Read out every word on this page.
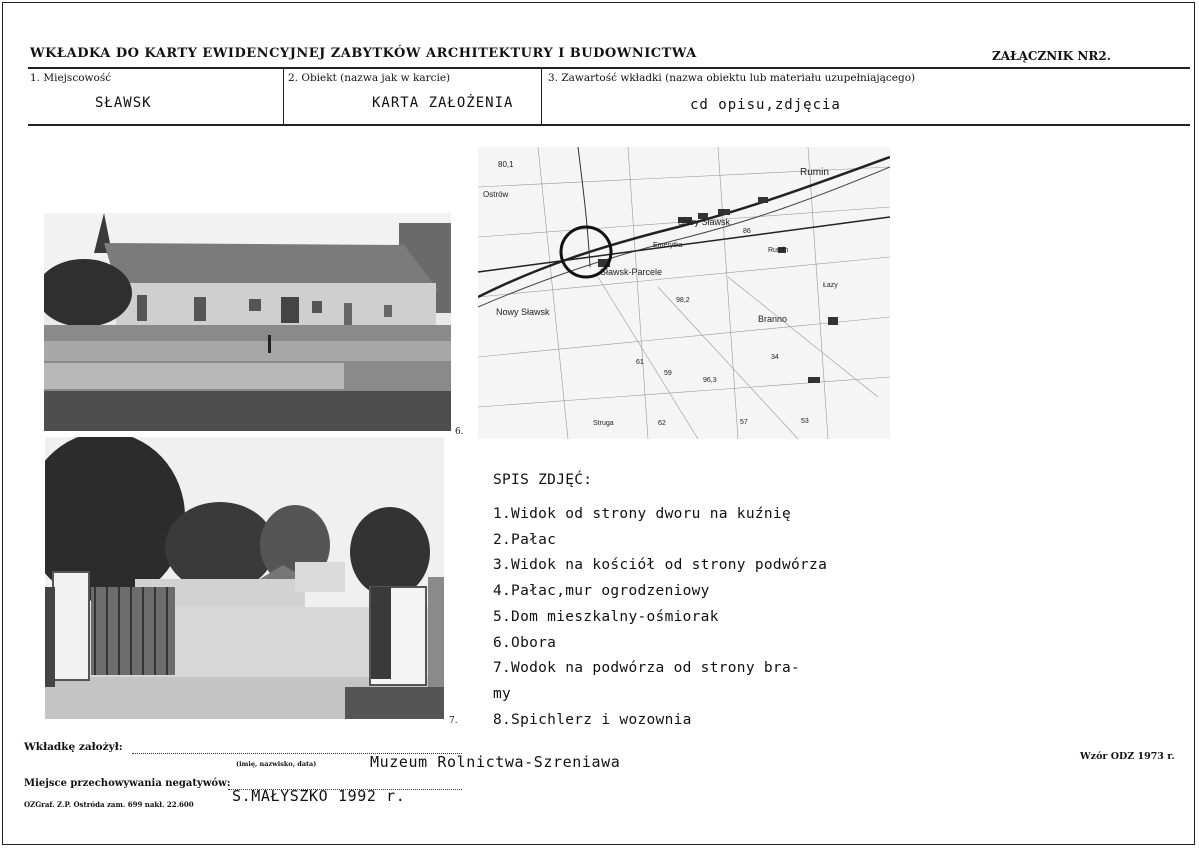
WKŁADKA DO KARTY EWIDENCYJNEJ ZABYTKÓW ARCHITEKTURY I BUDOWNICTWA	ZAŁĄCZNIK NR2.
1. Miejscowość
SŁAWSK
2. Obiekt (nazwa jak w karcie)
KARTA ZAŁOŻENIA
3. Zawartość wkładki (nazwa obiektu lub materiału uzupełniającego)
cd opisu,zdjęcia
6.
7.
80,1
Ostrów
Stary Sławsk
Rumin
Emerytka
Sławsk-Parcele
Nowy Sławsk
Branno
Rumin
Struga
Łazy
96,3
98,2
86
34
57	53
61
59
62
SPIS ZDJĘĆ:
1.Widok od strony dworu na kuźnię
2.Pałac
3.Widok na kościół od strony podwórza
4.Pałac,mur ogrodzeniowy
5.Dom mieszkalny-ośmiorak
6.Obora
7.Wodok na podwórza od strony bra-
my
8.Spichlerz i wozownia
Wkładkę założył:
(imię, nazwisko, data)	Muzeum Rolnictwa-Szreniawa
Miejsce przechowywania negatywów:
S.MAŁYSZKO 1992 r.
OZGraf. Z.P. Ostróda zam. 699 nakł. 22.600
Wzór ODZ 1973 r.
